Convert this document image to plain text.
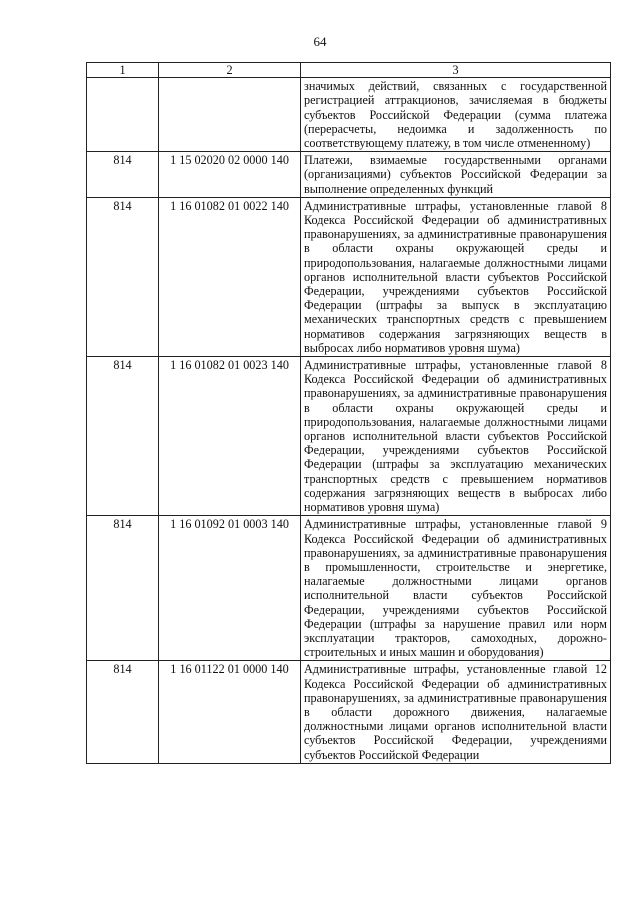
64
1	2	3
		значимых действий, связанных с государственной регистрацией аттракционов, зачисляемая в бюджеты субъектов Российской Федерации (сумма платежа (перерасчеты, недоимка и задолженность по соответствующему платежу, в том числе отмененному)
814	1 15 02020 02 0000 140	Платежи, взимаемые государственными органами (организациями) субъектов Российской Федерации за выполнение определенных функций
814	1 16 01082 01 0022 140	Административные штрафы, установленные главой 8 Кодекса Российской Федерации об административных правонарушениях, за административные правонарушения в области охраны окружающей среды и природопользования, налагаемые должностными лицами органов исполнительной власти субъектов Российской Федерации, учреждениями субъектов Российской Федерации (штрафы за выпуск в эксплуатацию механических транспортных средств с превышением нормативов содержания загрязняющих веществ в выбросах либо нормативов уровня шума)
814	1 16 01082 01 0023 140	Административные штрафы, установленные главой 8 Кодекса Российской Федерации об административных правонарушениях, за административные правонарушения в области охраны окружающей среды и природопользования, налагаемые должностными лицами органов исполнительной власти субъектов Российской Федерации, учреждениями субъектов Российской Федерации (штрафы за эксплуатацию механических транспортных средств с превышением нормативов содержания загрязняющих веществ в выбросах либо нормативов уровня шума)
814	1 16 01092 01 0003 140	Административные штрафы, установленные главой 9 Кодекса Российской Федерации об административных правонарушениях, за административные правонарушения в промышленности, строительстве и энергетике, налагаемые должностными лицами органов исполнительной власти субъектов Российской Федерации, учреждениями субъектов Российской Федерации (штрафы за нарушение правил или норм эксплуатации тракторов, самоходных, дорожно-строительных и иных машин и оборудования)
814	1 16 01122 01 0000 140	Административные штрафы, установленные главой 12 Кодекса Российской Федерации об административных правонарушениях, за административные правонарушения в области дорожного движения, налагаемые должностными лицами органов исполнительной власти субъектов Российской Федерации, учреждениями субъектов Российской Федерации
